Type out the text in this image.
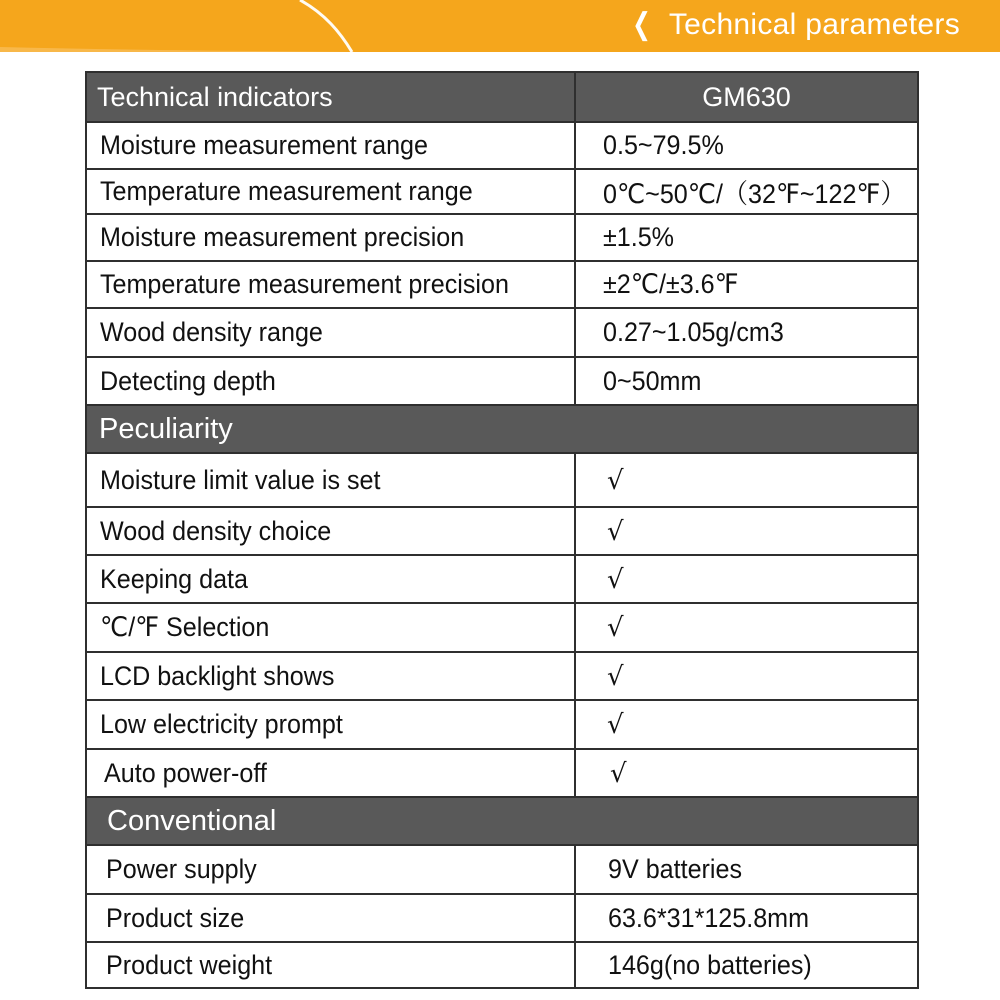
❮ Technical parameters
Technical indicators	GM630
Moisture measurement range	0.5~79.5%
Temperature measurement range	0℃~50℃/（32℉~122℉）
Moisture measurement precision	±1.5%
Temperature measurement precision	±2℃/±3.6℉
Wood density range	0.27~1.05g/cm3
Detecting depth	0~50mm
Peculiarity	
Moisture limit value is set	√
Wood density choice	√
Keeping data	√
℃/℉ Selection	√
LCD backlight shows	√
Low electricity prompt	√
Auto power-off	√
Conventional	
Power supply	9V batteries
Product size	63.6*31*125.8mm
Product weight	146g(no batteries)
